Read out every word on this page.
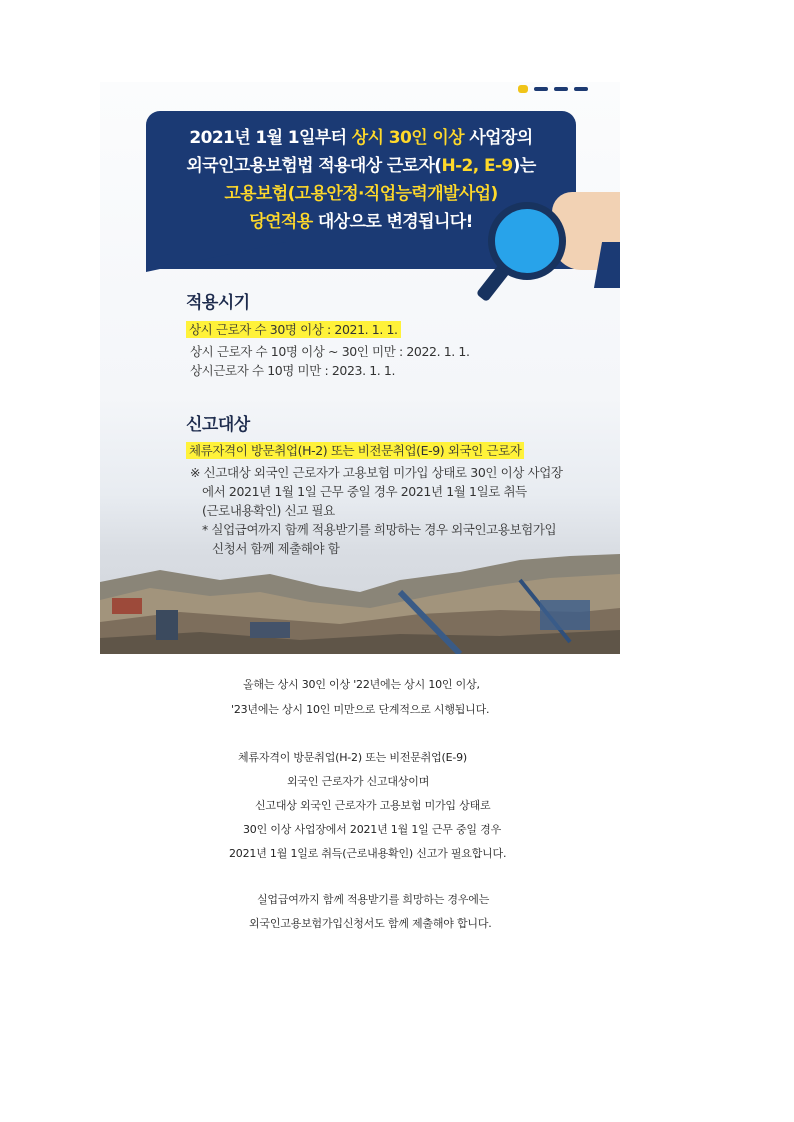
2021년 1월 1일부터 상시 30인 이상 사업장의
외국인고용보험법 적용대상 근로자(H-2, E-9)는
고용보험(고용안정·직업능력개발사업)
당연적용 대상으로 변경됩니다!
적용시기
상시 근로자 수 30명 이상 : 2021. 1. 1.
상시 근로자 수 10명 이상 ~ 30인 미만 : 2022. 1. 1.
상시근로자 수 10명 미만 : 2023. 1. 1.
신고대상
체류자격이 방문취업(H-2) 또는 비전문취업(E-9) 외국인 근로자
※ 신고대상 외국인 근로자가 고용보험 미가입 상태로 30인 이상 사업장
에서 2021년 1월 1일 근무 중일 경우 2021년 1월 1일로 취득
(근로내용확인) 신고 필요
* 실업급여까지 함께 적용받기를 희망하는 경우 외국인고용보험가입
신청서 함께 제출해야 함
올해는 상시 30인 이상 '22년에는 상시 10인 이상,
'23년에는 상시 10인 미만으로 단계적으로 시행됩니다.
체류자격이 방문취업(H-2) 또는 비전문취업(E-9)
외국인 근로자가 신고대상이며
신고대상 외국인 근로자가 고용보험 미가입 상태로
30인 이상 사업장에서 2021년 1월 1일 근무 중일 경우
2021년 1월 1일로 취득(근로내용확인) 신고가 필요합니다.
실업급여까지 함께 적용받기를 희망하는 경우에는
외국인고용보험가입신청서도 함께 제출해야 합니다.
